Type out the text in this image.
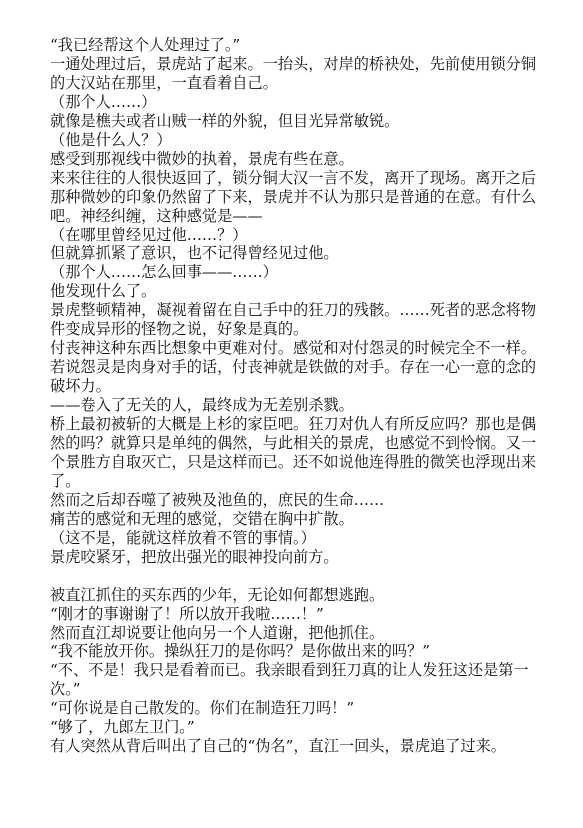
“我已经帮这个人处理过了。”

一通处理过后，景虎站了起来。一抬头，对岸的桥袂处，先前使用锁分铜的大汉站在那里，一直看着自己。

（那个人……）

就像是樵夫或者山贼一样的外貌，但目光异常敏锐。

（他是什么人？）

感受到那视线中微妙的执着，景虎有些在意。

来来往往的人很快返回了，锁分铜大汉一言不发，离开了现场。离开之后那种微妙的印象仍然留了下来，景虎并不认为那只是普通的在意。有什么吧。神经纠缠，这种感觉是——

（在哪里曾经见过他……？）

但就算抓紧了意识，也不记得曾经见过他。

（那个人……怎么回事——……）

他发现什么了。

景虎整顿精神，凝视着留在自己手中的狂刀的残骸。……死者的恶念将物件变成异形的怪物之说，好象是真的。

付丧神这种东西比想象中更难对付。感觉和对付怨灵的时候完全不一样。若说怨灵是肉身对手的话，付丧神就是铁做的对手。存在一心一意的念的破坏力。

——卷入了无关的人，最终成为无差别杀戮。

桥上最初被斩的大概是上杉的家臣吧。狂刀对仇人有所反应吗？那也是偶然的吗？就算只是单纯的偶然，与此相关的景虎，也感觉不到怜悯。又一个景胜方自取灭亡，只是这样而已。还不如说他连得胜的微笑也浮现出来了。

然而之后却吞噬了被殃及池鱼的，庶民的生命……

痛苦的感觉和无理的感觉，交错在胸中扩散。

（这不是，能就这样放着不管的事情。）

景虎咬紧牙，把放出强光的眼神投向前方。

被直江抓住的买东西的少年，无论如何都想逃跑。

“刚才的事谢谢了！所以放开我啦……！”

然而直江却说要让他向另一个人道谢，把他抓住。

“我不能放开你。操纵狂刀的是你吗？是你做出来的吗？”

“不、不是！我只是看着而已。我亲眼看到狂刀真的让人发狂这还是第一次。”

“可你说是自己散发的。你们在制造狂刀吗！”

“够了，九郎左卫门。”

有人突然从背后叫出了自己的“伪名”，直江一回头，景虎追了过来。
